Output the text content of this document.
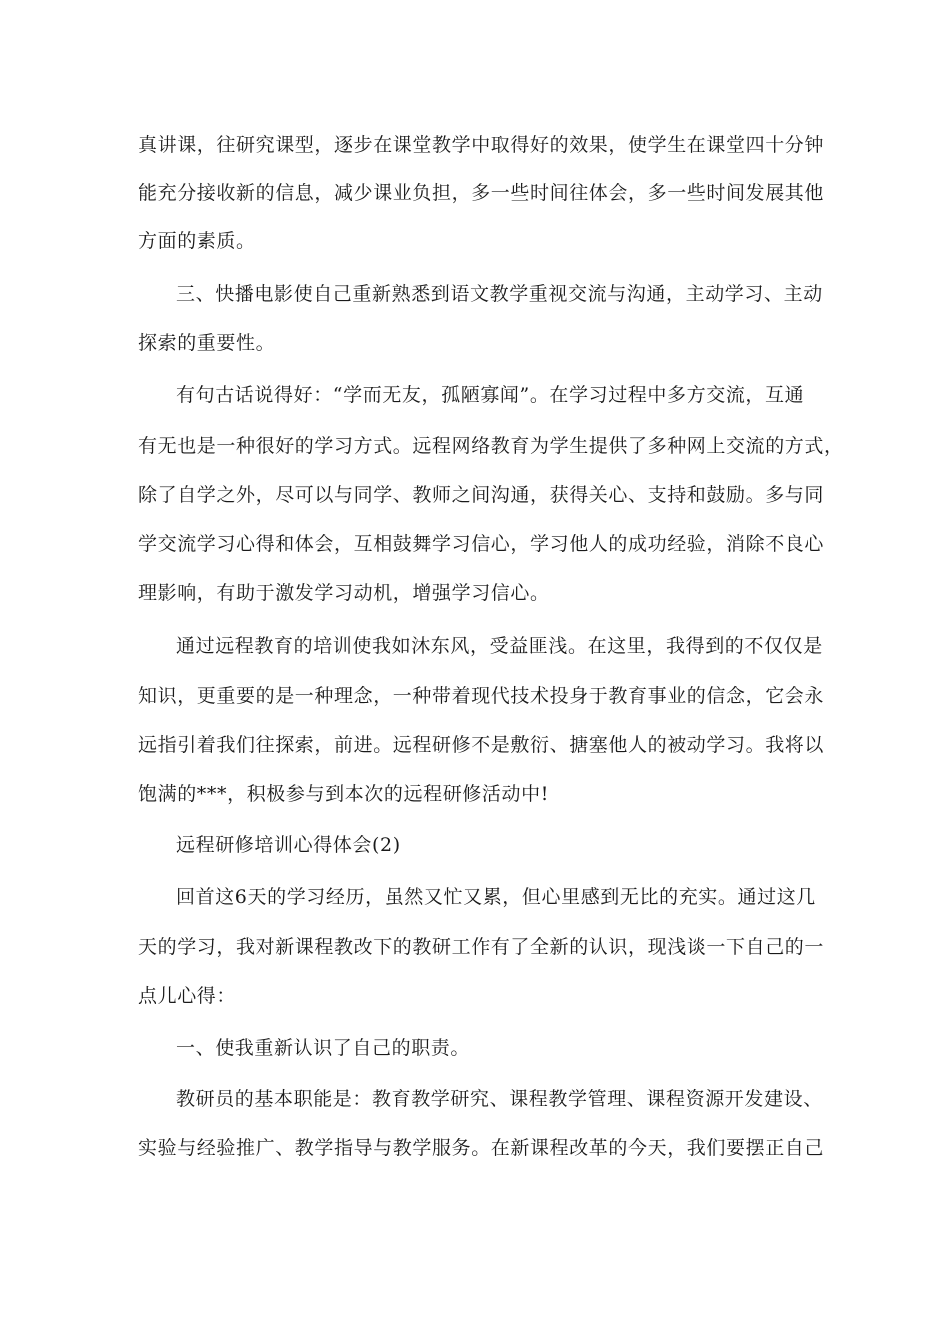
真讲课，往研究课型，逐步在课堂教学中取得好的效果，使学生在课堂四十分钟
能充分接收新的信息，减少课业负担，多一些时间往体会，多一些时间发展其他
方面的素质。
三、快播电影使自己重新熟悉到语文教学重视交流与沟通，主动学习、主动
探索的重要性。
有句古话说得好：“学而无友，孤陋寡闻”。在学习过程中多方交流，互通
有无也是一种很好的学习方式。远程网络教育为学生提供了多种网上交流的方式，
除了自学之外，尽可以与同学、教师之间沟通，获得关心、支持和鼓励。多与同
学交流学习心得和体会，互相鼓舞学习信心，学习他人的成功经验，消除不良心
理影响，有助于激发学习动机，增强学习信心。
通过远程教育的培训使我如沐东风，受益匪浅。在这里，我得到的不仅仅是
知识，更重要的是一种理念，一种带着现代技术投身于教育事业的信念，它会永
远指引着我们往探索，前进。远程研修不是敷衍、搪塞他人的被动学习。我将以
饱满的***，积极参与到本次的远程研修活动中!
远程研修培训心得体会(2)
回首这6天的学习经历，虽然又忙又累，但心里感到无比的充实。通过这几
天的学习，我对新课程教改下的教研工作有了全新的认识，现浅谈一下自己的一
点儿心得：
一、使我重新认识了自己的职责。
教研员的基本职能是：教育教学研究、课程教学管理、课程资源开发建设、
实验与经验推广、教学指导与教学服务。在新课程改革的今天，我们要摆正自己
